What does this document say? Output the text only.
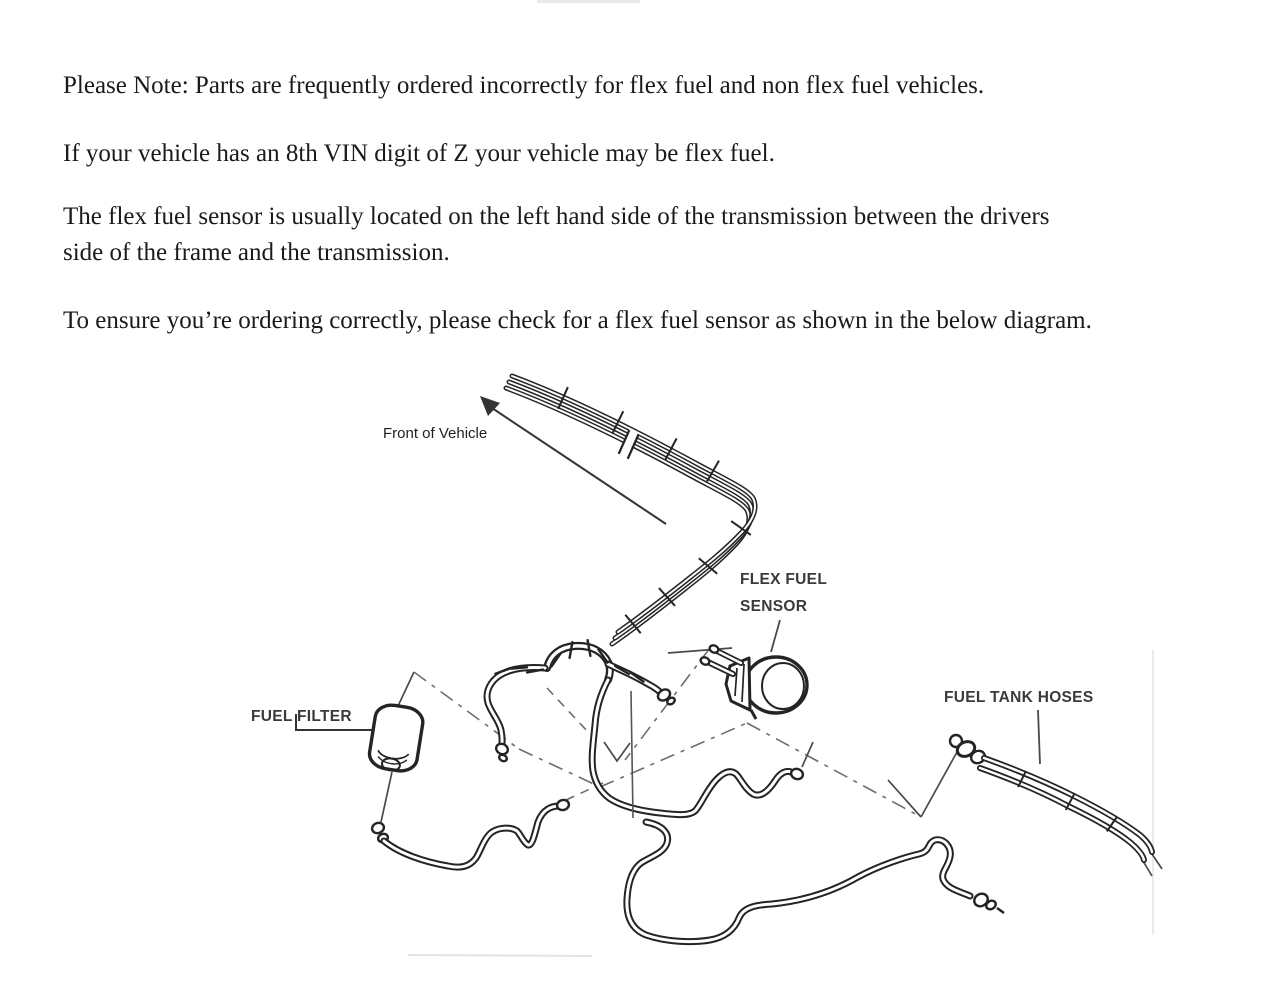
Please Note: Parts are frequently ordered incorrectly for flex fuel and non flex fuel vehicles.
If your vehicle has an 8th VIN digit of Z your vehicle may be flex fuel.
The flex fuel sensor is usually located on the left hand side of the transmission between the drivers
side of the frame and the transmission.
To ensure you’re ordering correctly, please check for a flex fuel sensor as shown in the below diagram.
Front of Vehicle
FLEX FUEL
SENSOR
FUEL TANK HOSES
FUEL FILTER
